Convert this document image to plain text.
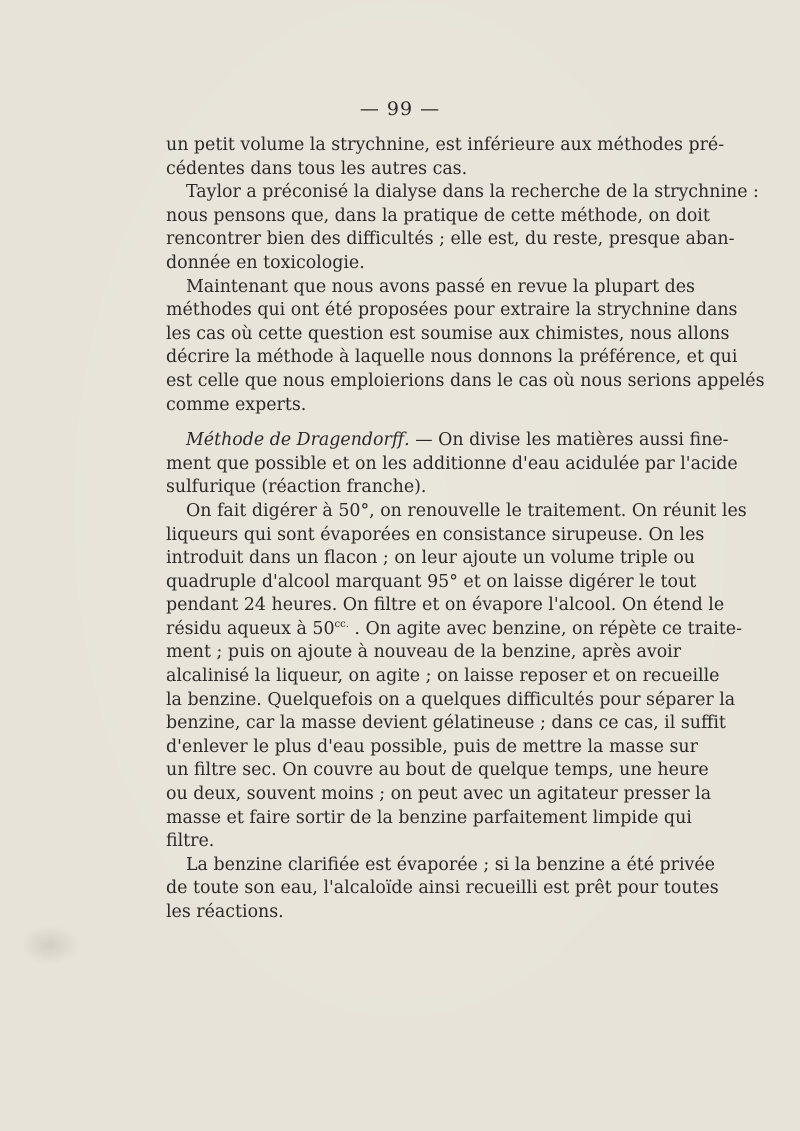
— 99 —
un petit volume la strychnine, est inférieure aux méthodes pré-
cédentes dans tous les autres cas.
Taylor a préconisé la dialyse dans la recherche de la strychnine :
nous pensons que, dans la pratique de cette méthode, on doit
rencontrer bien des difficultés ; elle est, du reste, presque aban-
donnée en toxicologie.
Maintenant que nous avons passé en revue la plupart des
méthodes qui ont été proposées pour extraire la strychnine dans
les cas où cette question est soumise aux chimistes, nous allons
décrire la méthode à laquelle nous donnons la préférence, et qui
est celle que nous emploierions dans le cas où nous serions appelés
comme experts.
Méthode de Dragendorff. — On divise les matières aussi fine-
ment que possible et on les additionne d'eau acidulée par l'acide
sulfurique (réaction franche).
On fait digérer à 50°, on renouvelle le traitement. On réunit les
liqueurs qui sont évaporées en consistance sirupeuse. On les
introduit dans un flacon ; on leur ajoute un volume triple ou
quadruple d'alcool marquant 95° et on laisse digérer le tout
pendant 24 heures. On filtre et on évapore l'alcool. On étend le
résidu aqueux à $50^{cc.}$ . On agite avec benzine, on répète ce traite-
ment ; puis on ajoute à nouveau de la benzine, après avoir
alcalinisé la liqueur, on agite ; on laisse reposer et on recueille
la benzine. Quelquefois on a quelques difficultés pour séparer la
benzine, car la masse devient gélatineuse ; dans ce cas, il suffit
d'enlever le plus d'eau possible, puis de mettre la masse sur
un filtre sec. On couvre au bout de quelque temps, une heure
ou deux, souvent moins ; on peut avec un agitateur presser la
masse et faire sortir de la benzine parfaitement limpide qui
filtre.
La benzine clarifiée est évaporée ; si la benzine a été privée
de toute son eau, l'alcaloïde ainsi recueilli est prêt pour toutes
les réactions.
